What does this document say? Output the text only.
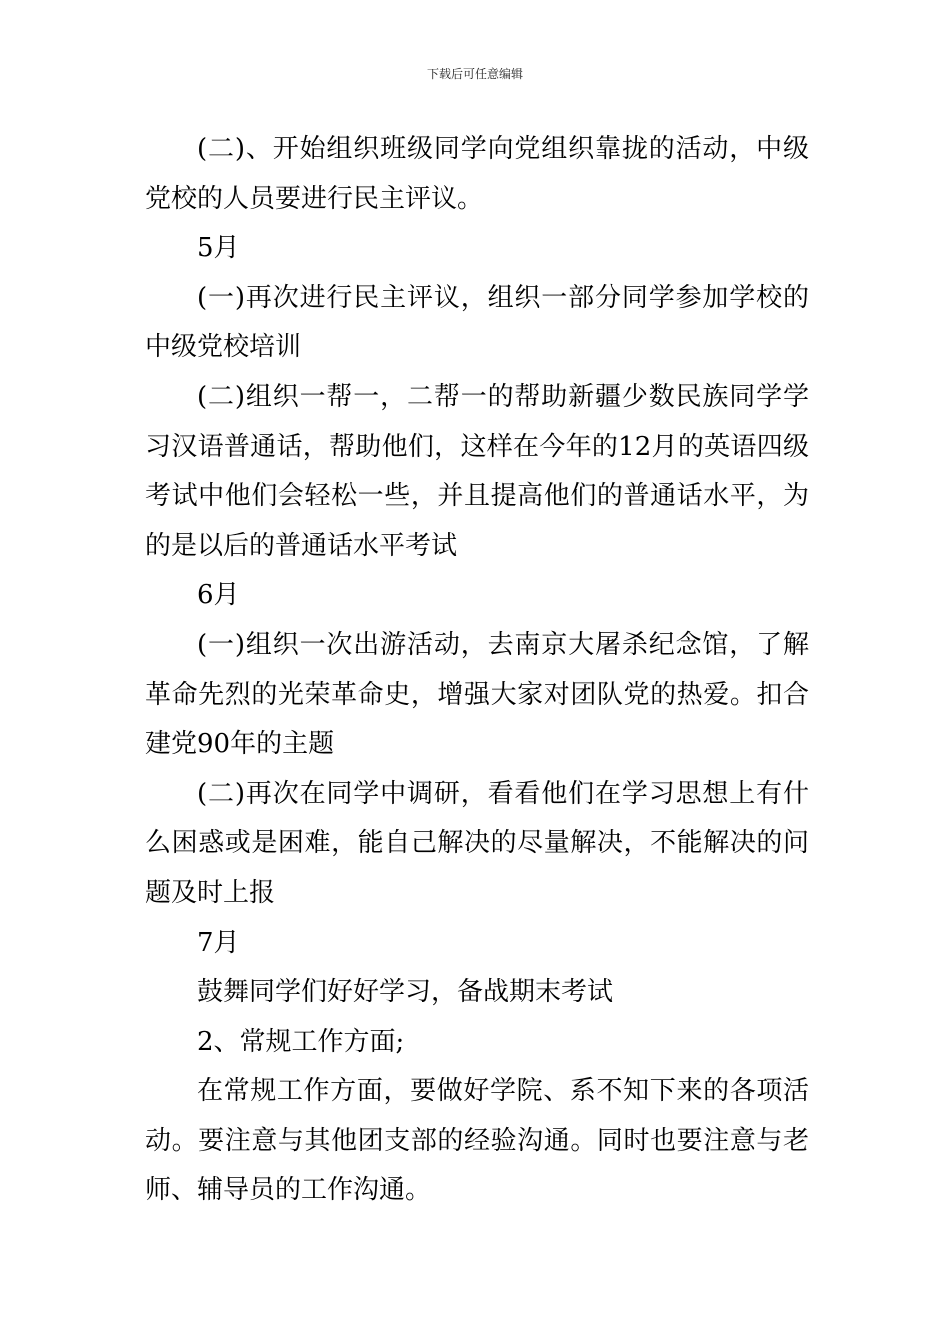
下载后可任意编辑

(二)、开始组织班级同学向党组织靠拢的活动，中级党校的人员要进行民主评议。

5月

(一)再次进行民主评议，组织一部分同学参加学校的中级党校培训

(二)组织一帮一，二帮一的帮助新疆少数民族同学学习汉语普通话，帮助他们，这样在今年的12月的英语四级考试中他们会轻松一些，并且提高他们的普通话水平，为的是以后的普通话水平考试

6月

(一)组织一次出游活动，去南京大屠杀纪念馆，了解革命先烈的光荣革命史，增强大家对团队党的热爱。扣合建党90年的主题

(二)再次在同学中调研，看看他们在学习思想上有什么困惑或是困难，能自己解决的尽量解决，不能解决的问题及时上报

7月

鼓舞同学们好好学习，备战期末考试

2、常规工作方面;

在常规工作方面，要做好学院、系不知下来的各项活动。要注意与其他团支部的经验沟通。同时也要注意与老师、辅导员的工作沟通。
